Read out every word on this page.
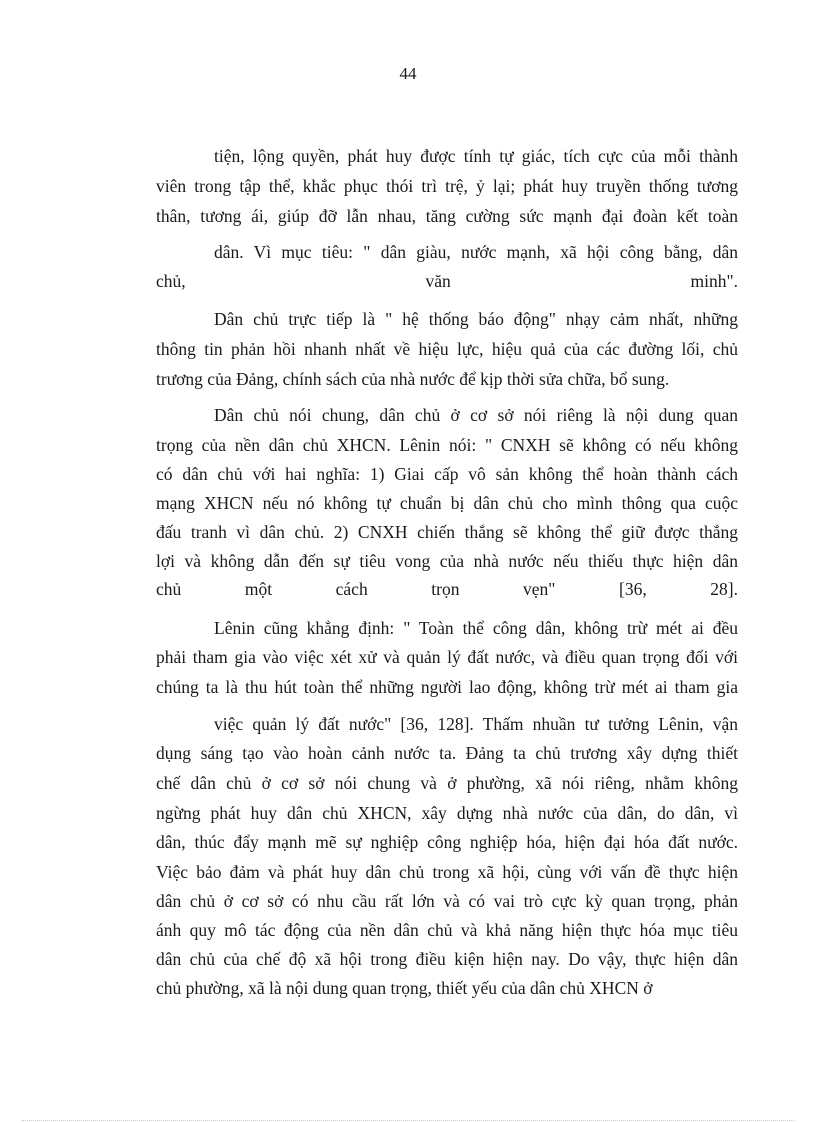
44
tiện, lộng quyền, phát huy được tính tự giác, tích cực của mỗi thành
viên trong tập thể, khắc phục thói trì trệ, ỷ lại; phát huy truyền thống tương
thân, tương ái, giúp đỡ lẫn nhau, tăng cường sức mạnh đại đoàn kết toàn
dân. Vì mục tiêu: " dân giàu, nước mạnh, xã hội công bằng, dân
chủ, văn minh".
Dân chủ trực tiếp là " hệ thống báo động" nhạy cảm nhất, những
thông tin phản hồi nhanh nhất về hiệu lực, hiệu quả của các đường lối, chủ
trương của Đảng, chính sách của nhà nước để kịp thời sửa chữa, bổ sung.
Dân chủ nói chung, dân chủ ở cơ sở nói riêng là nội dung quan
trọng của nền dân chủ XHCN. Lênin nói: " CNXH sẽ không có nếu không
có dân chủ với hai nghĩa: 1) Giai cấp vô sản không thể hoàn thành cách
mạng XHCN nếu nó không tự chuẩn bị dân chủ cho mình thông qua cuộc
đấu tranh vì dân chủ. 2) CNXH chiến thắng sẽ không thể giữ được thắng
lợi và không dẫn đến sự tiêu vong của nhà nước nếu thiếu thực hiện dân
chủ một cách trọn vẹn" [36, 28].
Lênin cũng khẳng định: " Toàn thể công dân, không trừ mét ai đều
phải tham gia vào việc xét xử và quản lý đất nước, và điều quan trọng đối với
chúng ta là thu hút toàn thể những người lao động, không trừ mét ai tham gia
việc quản lý đất nước" [36, 128]. Thấm nhuần tư tưởng Lênin, vận
dụng sáng tạo vào hoàn cảnh nước ta. Đảng ta chủ trương xây dựng thiết
chế dân chủ ở cơ sở nói chung và ở phường, xã nói riêng, nhằm không
ngừng phát huy dân chủ XHCN, xây dựng nhà nước của dân, do dân, vì
dân, thúc đẩy mạnh mẽ sự nghiệp công nghiệp hóa, hiện đại hóa đất nước.
Việc bảo đảm và phát huy dân chủ trong xã hội, cùng với vấn đề thực hiện
dân chủ ở cơ sở có nhu cầu rất lớn và có vai trò cực kỳ quan trọng, phản
ánh quy mô tác động của nền dân chủ và khả năng hiện thực hóa mục tiêu
dân chủ của chế độ xã hội trong điều kiện hiện nay. Do vậy, thực hiện dân
chủ phường, xã là nội dung quan trọng, thiết yếu của dân chủ XHCN ở
